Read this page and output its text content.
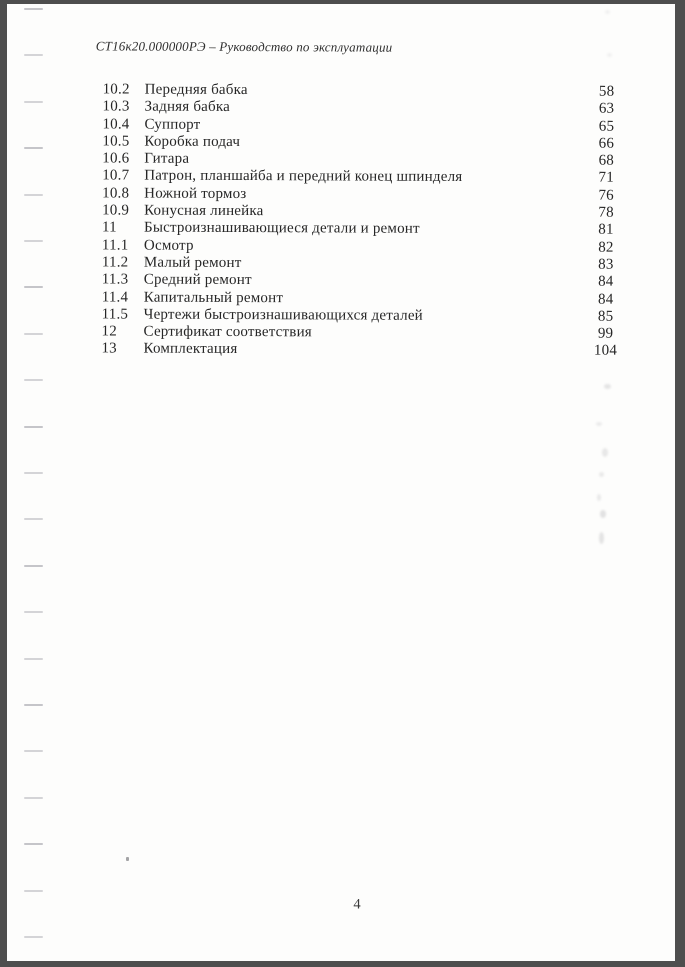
СТ16к20.000000РЭ – Руководство по эксплуатации
10.2 Передняя бабка	58
10.3 Задняя бабка	63
10.4 Суппорт	65
10.5 Коробка подач	66
10.6 Гитара	68
10.7 Патрон, планшайба и передний конец шпинделя	71
10.8 Ножной тормоз	76
10.9 Конусная линейка	78
11	Быстроизнашивающиеся детали и ремонт	81
11.1	Осмотр	82
11.2	Малый ремонт	83
11.3	Средний ремонт	84
11.4	Капитальный ремонт	84
11.5	Чертежи быстроизнашивающихся деталей	85
12	Сертификат соответствия	99
13	Комплектация	104
4
